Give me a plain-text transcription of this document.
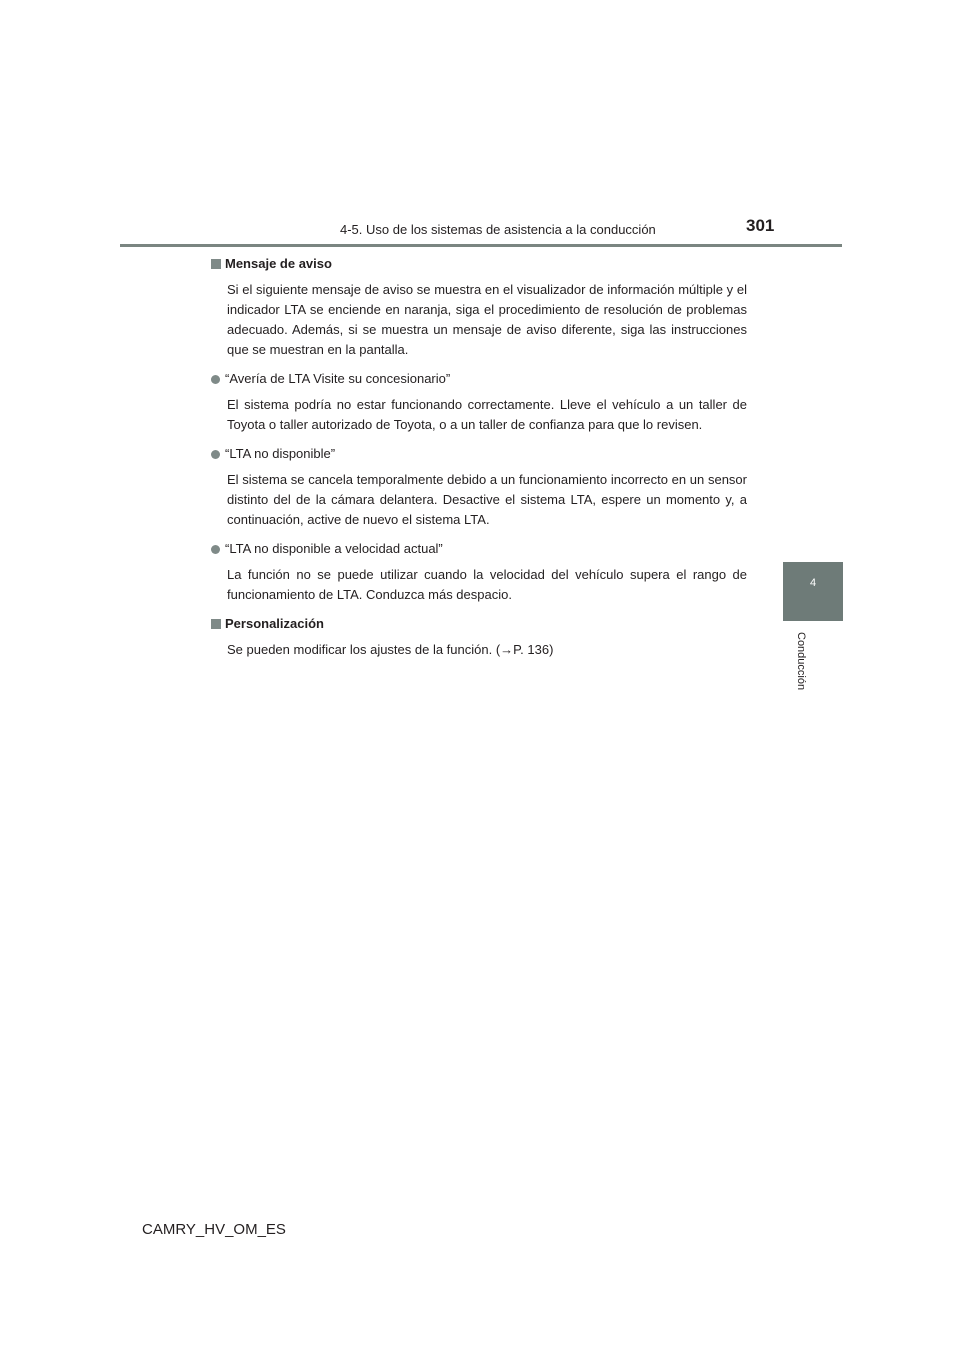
4-5. Uso de los sistemas de asistencia a la conducción	301
4
Conducción
Mensaje de aviso

Si el siguiente mensaje de aviso se muestra en el visualizador de información múltiple y el indicador LTA se enciende en naranja, siga el procedimiento de resolución de problemas adecuado. Además, si se muestra un mensaje de aviso diferente, siga las instrucciones que se muestran en la pantalla.

“Avería de LTA Visite su concesionario”

El sistema podría no estar funcionando correctamente. Lleve el vehículo a un taller de Toyota o taller autorizado de Toyota, o a un taller de confianza para que lo revisen.

“LTA no disponible”

El sistema se cancela temporalmente debido a un funcionamiento incorrecto en un sensor distinto del de la cámara delantera. Desactive el sistema LTA, espere un momento y, a continuación, active de nuevo el sistema LTA.

“LTA no disponible a velocidad actual”

La función no se puede utilizar cuando la velocidad del vehículo supera el rango de funcionamiento de LTA. Conduzca más despacio.

Personalización

Se pueden modificar los ajustes de la función. (→P. 136)

CAMRY_HV_OM_ES
